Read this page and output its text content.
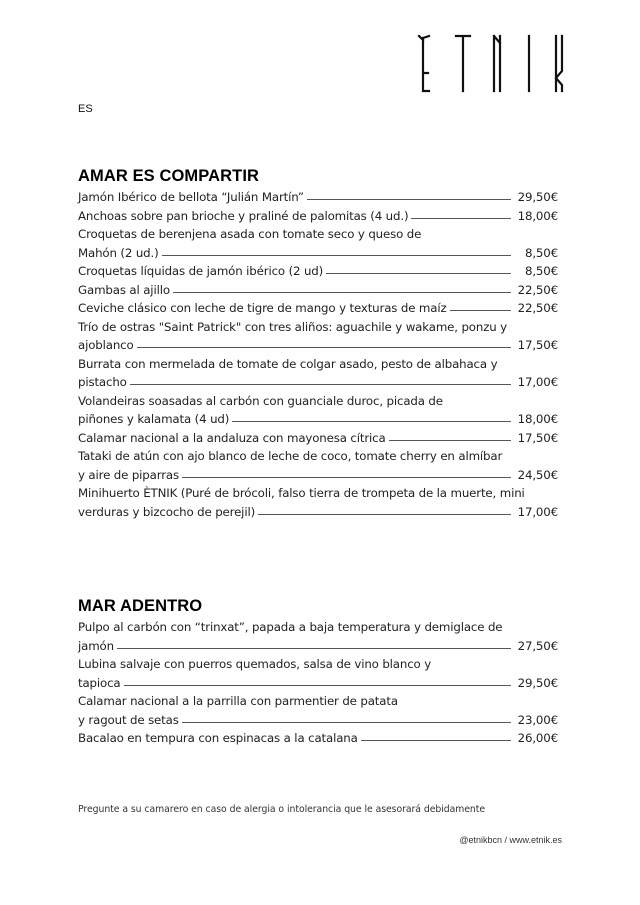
ES
AMAR ES COMPARTIR
Jamón Ibérico de bellota “Julián Martín”	29,50€
Anchoas sobre pan brioche y praliné de palomitas (4 ud.)	18,00€
Croquetas de berenjena asada con tomate seco y queso de
Mahón (2 ud.)	8,50€
Croquetas líquidas de jamón ibérico (2 ud)	8,50€
Gambas al ajillo	22,50€
Ceviche clásico con leche de tigre de mango y texturas de maíz	22,50€
Trío de ostras "Saint Patrick" con tres aliños: aguachile y wakame, ponzu y
ajoblanco	17,50€
Burrata con mermelada de tomate de colgar asado, pesto de albahaca y
pistacho	17,00€
Volandeiras soasadas al carbón con guanciale duroc, picada de
piñones y kalamata (4 ud)	18,00€
Calamar nacional a la andaluza con mayonesa cítrica	17,50€
Tataki de atún con ajo blanco de leche de coco, tomate cherry en almíbar
y aire de piparras	24,50€
Minihuerto ÈTNIK (Puré de brócoli, falso tierra de trompeta de la muerte, mini
verduras y bizcocho de perejil)	17,00€
MAR ADENTRO
Pulpo al carbón con “trinxat”, papada a baja temperatura y demiglace de
jamón	27,50€
Lubina salvaje con puerros quemados, salsa de vino blanco y
tapioca	29,50€
Calamar nacional a la parrilla con parmentier de patata
y ragout de setas	23,00€
Bacalao en tempura con espinacas a la catalana	26,00€
Pregunte a su camarero en caso de alergia o intolerancia que le asesorará debidamente
@etnikbcn / www.etnik.es
